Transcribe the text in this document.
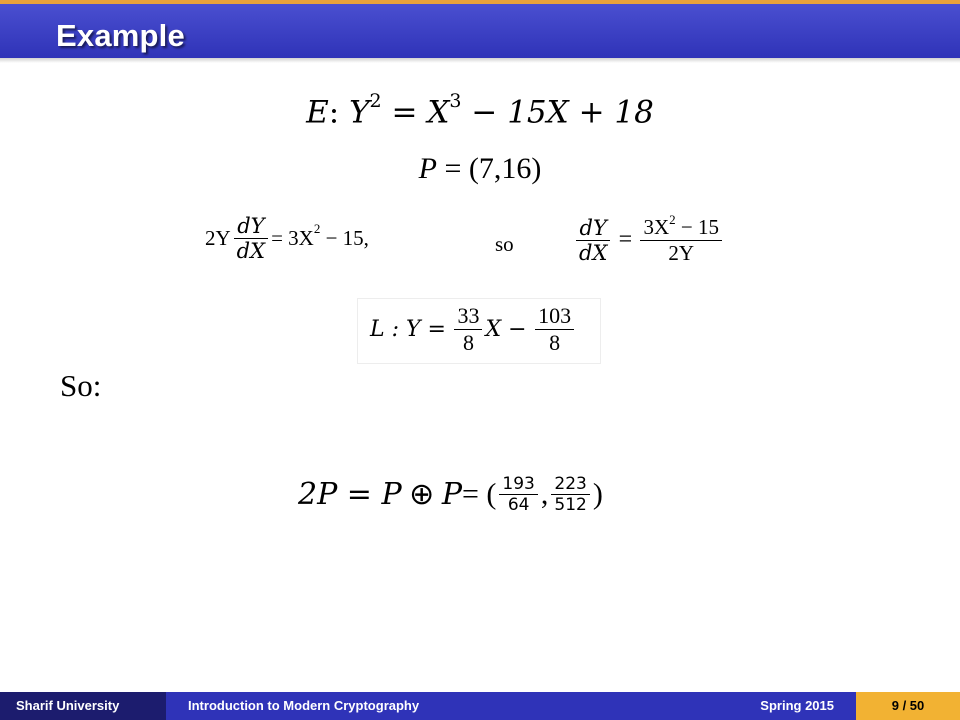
Example
E: $Y^2 = X^3 - 15X + 18$
P = (7,16)
$2Y \frac{dY}{dX} = 3X^2 - 15$,	so	$\frac{dY}{dX} = \frac{3X^2 - 15}{2Y}$
L : $Y = \frac{33}{8}$ $X - \frac{103}{8}$
So:
2P = P ⊕ P= ( $\frac{193}{64}$ , $\frac{223}{512}$ )
Sharif University	Introduction to Modern Cryptography	Spring 2015	9 / 50
